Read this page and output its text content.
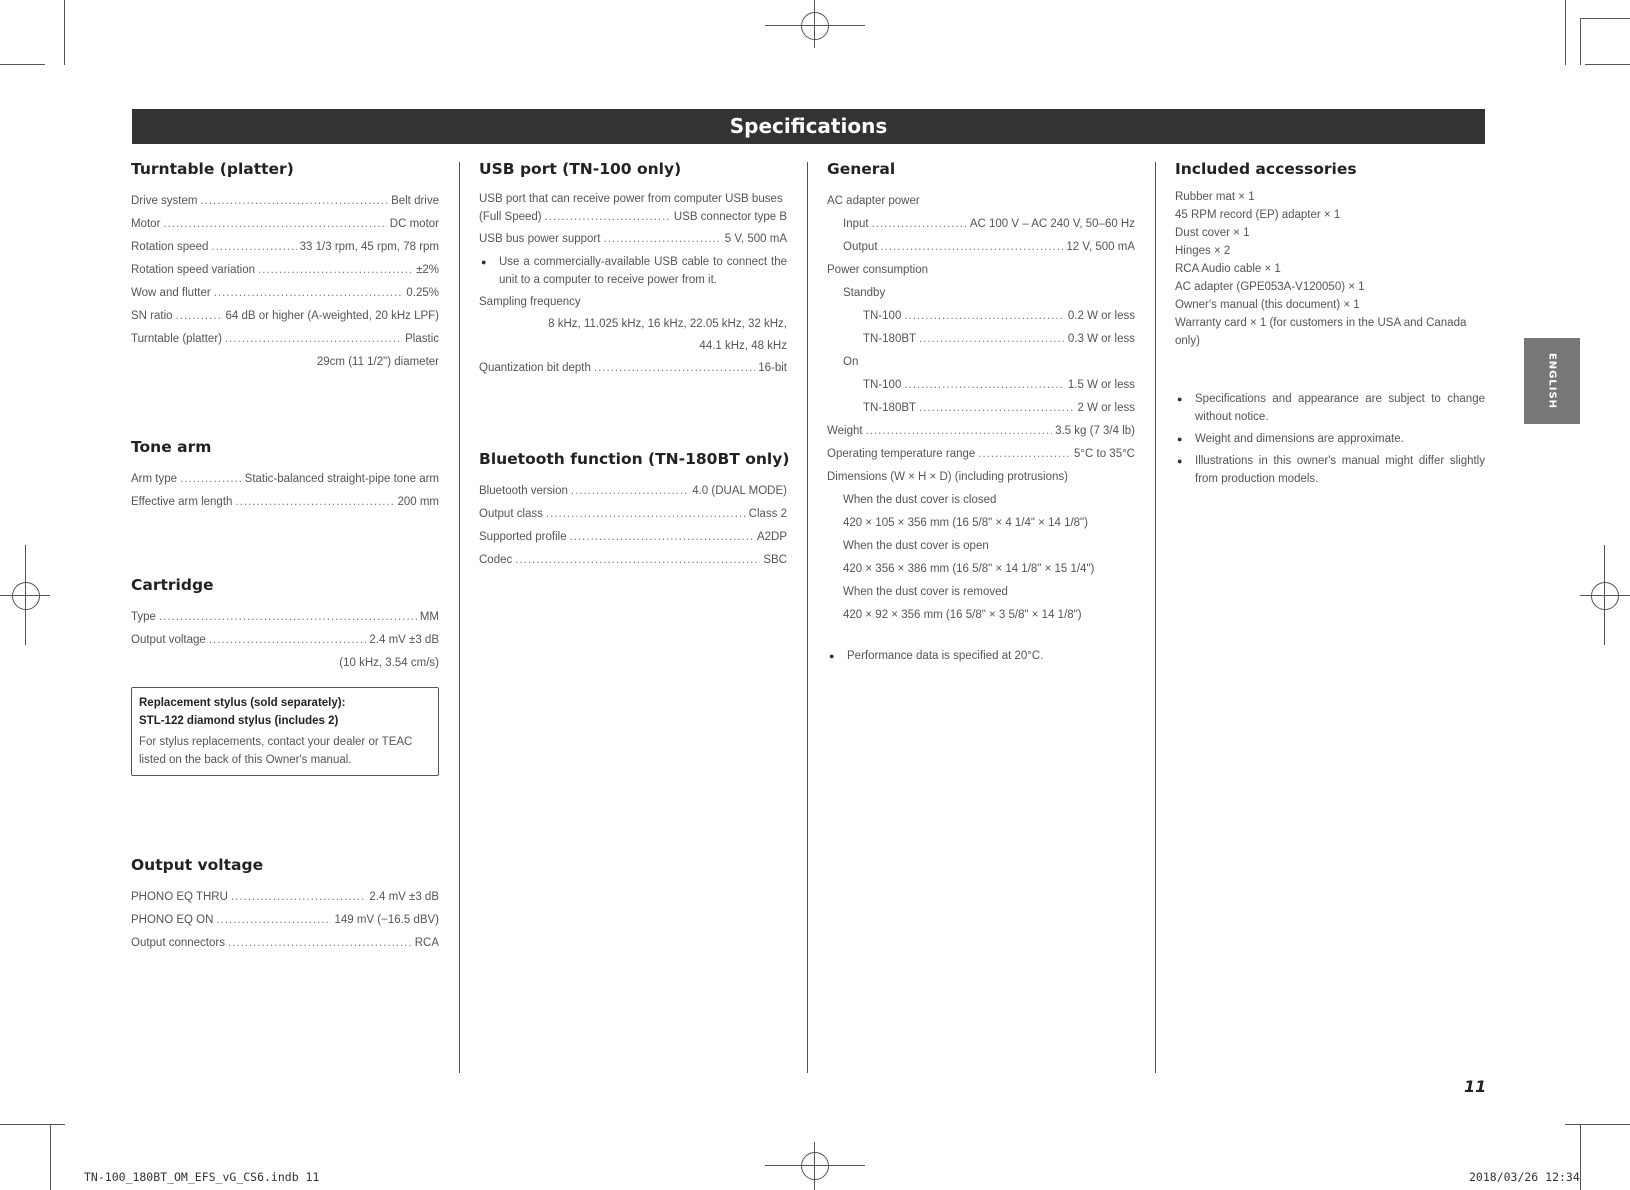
Specifications
Turntable (platter)
Drive system .....	Belt drive
Motor .....	DC motor
Rotation speed .....	33 1/3 rpm, 45 rpm, 78 rpm
Rotation speed variation .....	±2%
Wow and flutter .....	0.25%
SN ratio .....	64 dB or higher (A-weighted, 20 kHz LPF)
Turntable (platter) .....	Plastic
29cm (11 1/2") diameter
Tone arm
Arm type .....	Static-balanced straight-pipe tone arm
Effective arm length .....	200 mm
Cartridge
Type .....	MM
Output voltage .....	2.4 mV ±3 dB
(10 kHz, 3.54 cm/s)
Replacement stylus (sold separately):
STL-122 diamond stylus (includes 2)
For stylus replacements, contact your dealer or TEAC listed on the back of this Owner's manual.
Output voltage
PHONO EQ THRU .....	2.4 mV ±3 dB
PHONO EQ ON .....	149 mV (−16.5 dBV)
Output connectors .....	RCA
USB port (TN-100 only)
USB port that can receive power from computer USB buses
(Full Speed) .....	USB connector type B
USB bus power support .....	5 V, 500 mA
● Use a commercially-available USB cable to connect the unit to a computer to receive power from it.
Sampling frequency
8 kHz, 11.025 kHz, 16 kHz, 22.05 kHz, 32 kHz,
44.1 kHz, 48 kHz
Quantization bit depth .....	16-bit
Bluetooth function (TN-180BT only)
Bluetooth version .....	4.0 (DUAL MODE)
Output class .....	Class 2
Supported profile .....	A2DP
Codec .....	SBC
General
AC adapter power
Input .....	AC 100 V – AC 240 V, 50–60 Hz
Output .....	12 V, 500 mA
Power consumption
Standby
TN-100 .....	0.2 W or less
TN-180BT .....	0.3 W or less
On
TN-100 .....	1.5 W or less
TN-180BT .....	2 W or less
Weight .....	3.5 kg (7 3/4 lb)
Operating temperature range .....	5°C to 35°C
Dimensions (W × H × D) (including protrusions)
When the dust cover is closed
420 × 105 × 356 mm (16 5/8" × 4 1/4" × 14 1/8")
When the dust cover is open
420 × 356 × 386 mm (16 5/8" × 14 1/8" × 15 1/4")
When the dust cover is removed
420 × 92 × 356 mm (16 5/8" × 3 5/8" × 14 1/8")
● Performance data is specified at 20°C.
Included accessories
Rubber mat × 1
45 RPM record (EP) adapter × 1
Dust cover × 1
Hinges × 2
RCA Audio cable × 1
AC adapter (GPE053A-V120050) × 1
Owner's manual (this document) × 1
Warranty card × 1 (for customers in the USA and Canada only)
● Specifications and appearance are subject to change without notice.
● Weight and dimensions are approximate.
● Illustrations in this owner's manual might differ slightly from production models.
ENGLISH
11
TN-100_180BT_OM_EFS_vG_CS6.indb 11	2018/03/26 12:34
